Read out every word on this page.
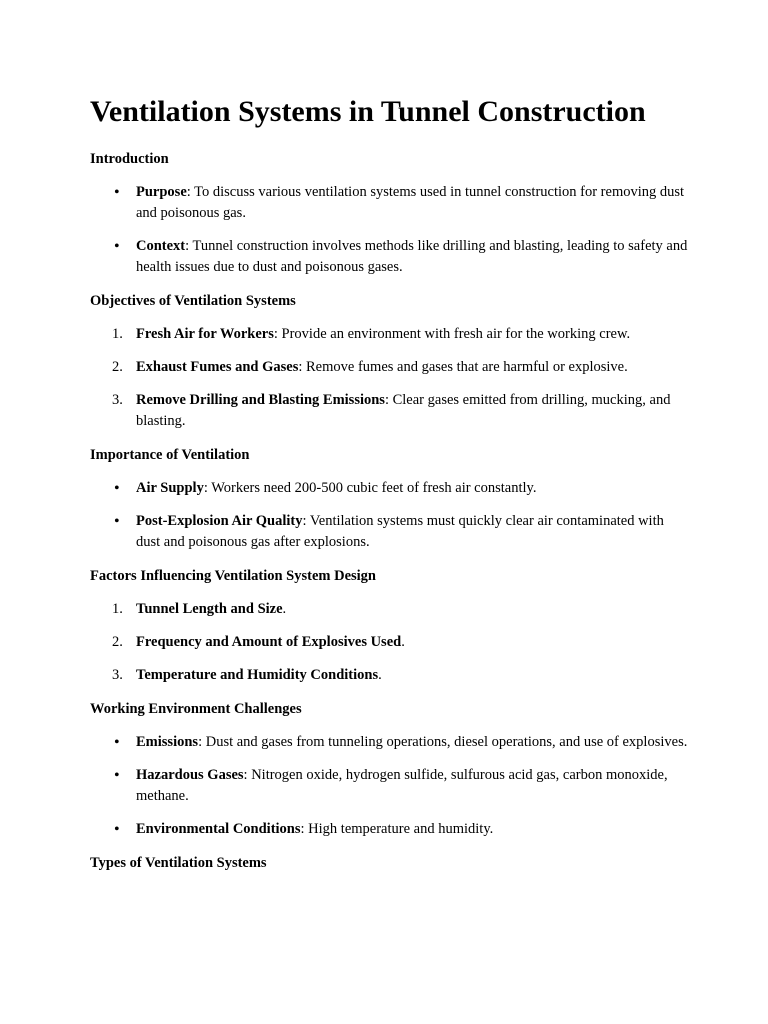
Ventilation Systems in Tunnel Construction

Introduction

•	Purpose: To discuss various ventilation systems used in tunnel construction for removing dust and poisonous gas.
•	Context: Tunnel construction involves methods like drilling and blasting, leading to safety and health issues due to dust and poisonous gases.

Objectives of Ventilation Systems

1. Fresh Air for Workers: Provide an environment with fresh air for the working crew.
2. Exhaust Fumes and Gases: Remove fumes and gases that are harmful or explosive.
3. Remove Drilling and Blasting Emissions: Clear gases emitted from drilling, mucking, and blasting.

Importance of Ventilation

•	Air Supply: Workers need 200-500 cubic feet of fresh air constantly.
•	Post-Explosion Air Quality: Ventilation systems must quickly clear air contaminated with dust and poisonous gas after explosions.

Factors Influencing Ventilation System Design

1. Tunnel Length and Size.
2. Frequency and Amount of Explosives Used.
3. Temperature and Humidity Conditions.

Working Environment Challenges

•	Emissions: Dust and gases from tunneling operations, diesel operations, and use of explosives.
•	Hazardous Gases: Nitrogen oxide, hydrogen sulfide, sulfurous acid gas, carbon monoxide, methane.
•	Environmental Conditions: High temperature and humidity.

Types of Ventilation Systems
